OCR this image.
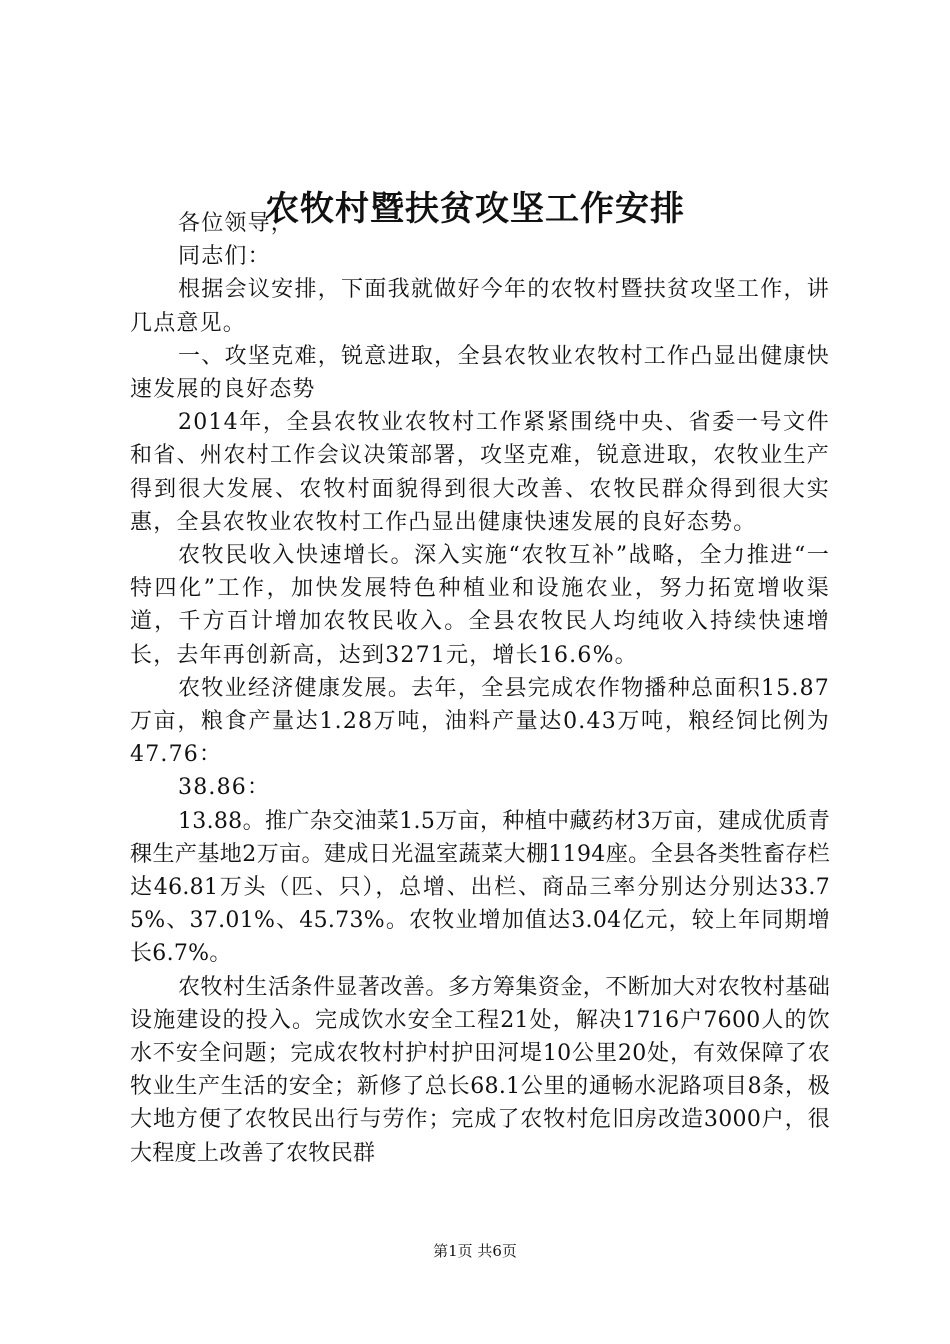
农牧村暨扶贫攻坚工作安排

各位领导，

同志们：

根据会议安排，下面我就做好今年的农牧村暨扶贫攻坚工作，讲几点意见。

一、攻坚克难，锐意进取，全县农牧业农牧村工作凸显出健康快速发展的良好态势

2014年，全县农牧业农牧村工作紧紧围绕中央、省委一号文件和省、州农村工作会议决策部署，攻坚克难，锐意进取，农牧业生产得到很大发展、农牧村面貌得到很大改善、农牧民群众得到很大实惠，全县农牧业农牧村工作凸显出健康快速发展的良好态势。

农牧民收入快速增长。深入实施“农牧互补”战略，全力推进“一特四化”工作，加快发展特色种植业和设施农业，努力拓宽增收渠道，千方百计增加农牧民收入。全县农牧民人均纯收入持续快速增长，去年再创新高，达到3271元，增长16.6%。

农牧业经济健康发展。去年，全县完成农作物播种总面积15.87万亩，粮食产量达1.28万吨，油料产量达0.43万吨，粮经饲比例为47.76：

38.86：

13.88。推广杂交油菜1.5万亩，种植中藏药材3万亩，建成优质青稞生产基地2万亩。建成日光温室蔬菜大棚1194座。全县各类牲畜存栏达46.81万头（匹、只），总增、出栏、商品三率分别达分别达33.75%、37.01%、45.73%。农牧业增加值达3.04亿元，较上年同期增长6.7%。

农牧村生活条件显著改善。多方筹集资金，不断加大对农牧村基础设施建设的投入。完成饮水安全工程21处，解决1716户7600人的饮水不安全问题；完成农牧村护村护田河堤10公里20处，有效保障了农牧业生产生活的安全；新修了总长68.1公里的通畅水泥路项目8条，极大地方便了农牧民出行与劳作；完成了农牧村危旧房改造3000户，很大程度上改善了农牧民群

第1页 共6页
